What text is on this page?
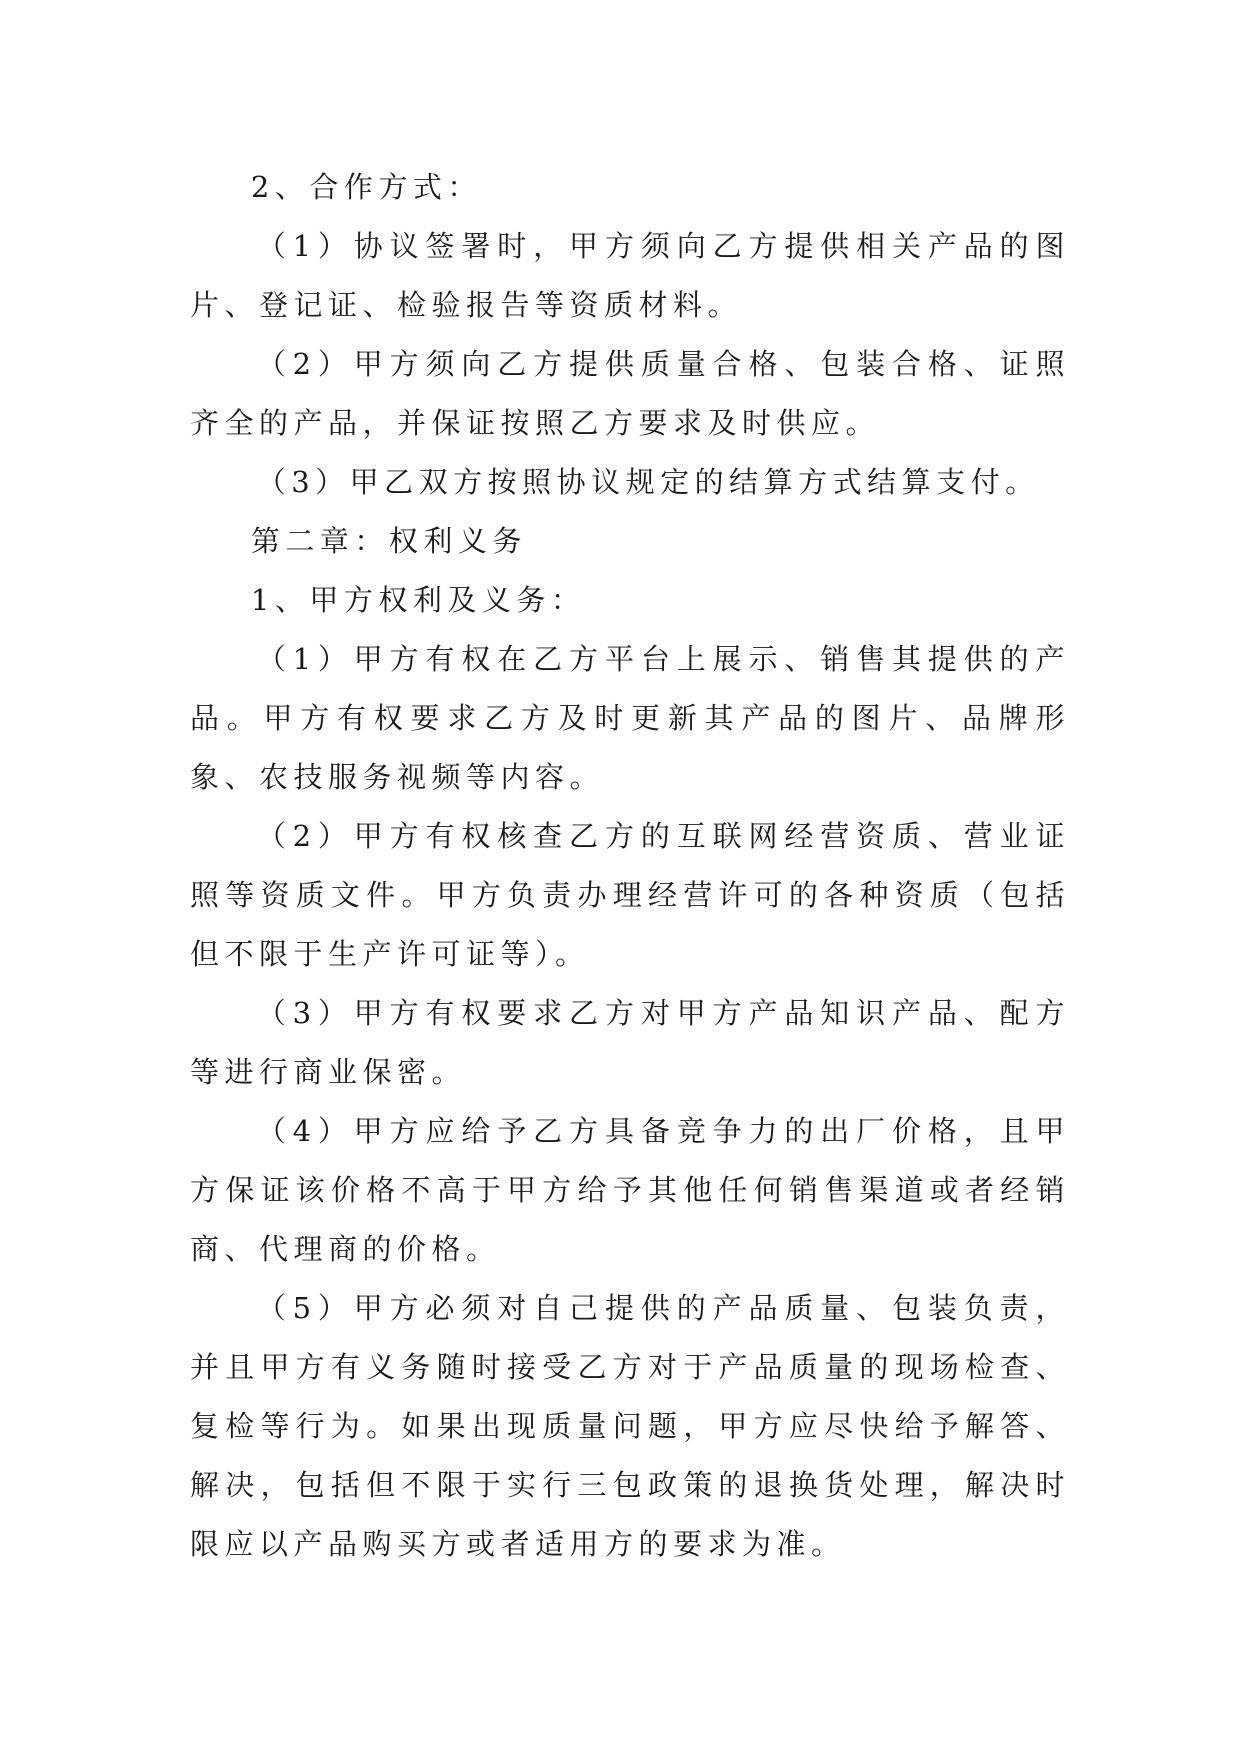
2、合作方式：

（1）协议签署时，甲方须向乙方提供相关产品的图片、登记证、检验报告等资质材料。

（2）甲方须向乙方提供质量合格、包装合格、证照齐全的产品，并保证按照乙方要求及时供应。

（3）甲乙双方按照协议规定的结算方式结算支付。

第二章：权利义务

1、甲方权利及义务：

（1）甲方有权在乙方平台上展示、销售其提供的产品。甲方有权要求乙方及时更新其产品的图片、品牌形象、农技服务视频等内容。

（2）甲方有权核查乙方的互联网经营资质、营业证照等资质文件。甲方负责办理经营许可的各种资质（包括但不限于生产许可证等）。

（3）甲方有权要求乙方对甲方产品知识产品、配方等进行商业保密。

（4）甲方应给予乙方具备竞争力的出厂价格，且甲方保证该价格不高于甲方给予其他任何销售渠道或者经销商、代理商的价格。

（5）甲方必须对自己提供的产品质量、包装负责，并且甲方有义务随时接受乙方对于产品质量的现场检查、复检等行为。如果出现质量问题，甲方应尽快给予解答、解决，包括但不限于实行三包政策的退换货处理，解决时限应以产品购买方或者适用方的要求为准。
